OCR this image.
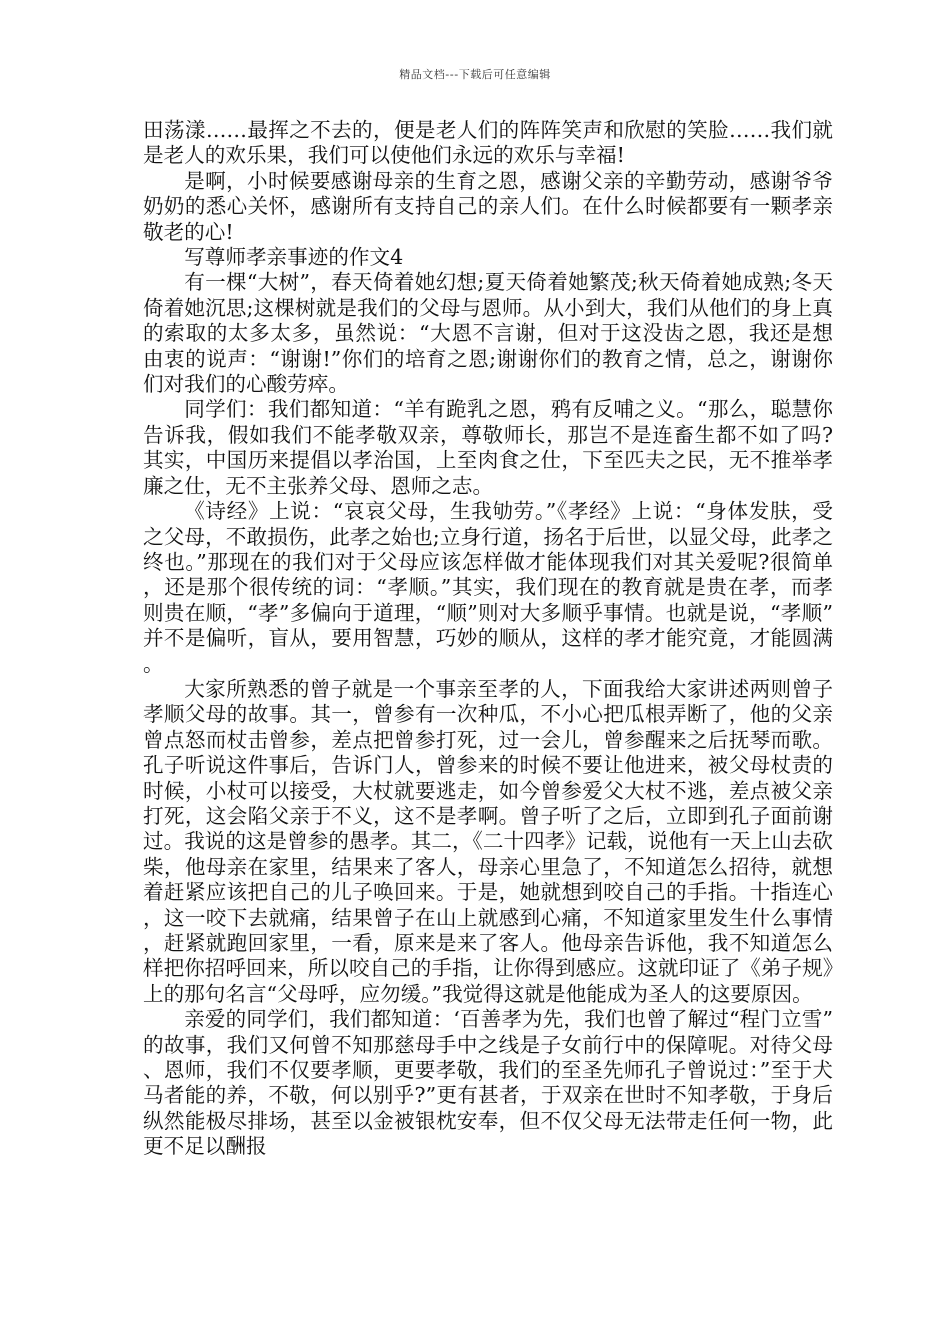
精品文档---下载后可任意编辑

田荡漾……最挥之不去的，便是老人们的阵阵笑声和欣慰的笑脸……我们就是老人的欢乐果，我们可以使他们永远的欢乐与幸福!

是啊，小时候要感谢母亲的生育之恩，感谢父亲的辛勤劳动，感谢爷爷奶奶的悉心关怀，感谢所有支持自己的亲人们。在什么时候都要有一颗孝亲敬老的心!

写尊师孝亲事迹的作文4

有一棵“大树”，春天倚着她幻想;夏天倚着她繁茂;秋天倚着她成熟;冬天倚着她沉思;这棵树就是我们的父母与恩师。从小到大，我们从他们的身上真的索取的太多太多，虽然说：“大恩不言谢，但对于这没齿之恩，我还是想由衷的说声：“谢谢!”你们的培育之恩;谢谢你们的教育之情，总之，谢谢你们对我们的心酸劳瘁。

同学们：我们都知道：“羊有跪乳之恩，鸦有反哺之义。“那么，聪慧你告诉我，假如我们不能孝敬双亲，尊敬师长，那岂不是连畜生都不如了吗?其实，中国历来提倡以孝治国，上至肉食之仕，下至匹夫之民，无不推举孝廉之仕，无不主张养父母、恩师之志。

《诗经》上说：“哀哀父母，生我劬劳。”《孝经》上说：“身体发肤，受之父母，不敢损伤，此孝之始也;立身行道，扬名于后世，以显父母，此孝之终也。”那现在的我们对于父母应该怎样做才能体现我们对其关爱呢?很简单，还是那个很传统的词：“孝顺。”其实，我们现在的教育就是贵在孝，而孝则贵在顺，“孝”多偏向于道理，“顺”则对大多顺乎事情。也就是说，“孝顺”并不是偏听，盲从，要用智慧，巧妙的顺从，这样的孝才能究竟，才能圆满。

大家所熟悉的曾子就是一个事亲至孝的人，下面我给大家讲述两则曾子孝顺父母的故事。其一，曾参有一次种瓜，不小心把瓜根弄断了，他的父亲曾点怒而杖击曾参，差点把曾参打死，过一会儿，曾参醒来之后抚琴而歌。孔子听说这件事后，告诉门人，曾参来的时候不要让他进来，被父母杖责的时候，小杖可以接受，大杖就要逃走，如今曾参爱父大杖不逃，差点被父亲打死，这会陷父亲于不义，这不是孝啊。曾子听了之后，立即到孔子面前谢过。我说的这是曾参的愚孝。其二，《二十四孝》记载，说他有一天上山去砍柴，他母亲在家里，结果来了客人，母亲心里急了，不知道怎么招待，就想着赶紧应该把自己的儿子唤回来。于是，她就想到咬自己的手指。十指连心，这一咬下去就痛，结果曾子在山上就感到心痛，不知道家里发生什么事情，赶紧就跑回家里，一看，原来是来了客人。他母亲告诉他，我不知道怎么样把你招呼回来，所以咬自己的手指，让你得到感应。这就印证了《弟子规》上的那句名言“父母呼，应勿缓。”我觉得这就是他能成为圣人的这要原因。

亲爱的同学们，我们都知道：‘百善孝为先，我们也曾了解过“程门立雪”的故事，我们又何曾不知那慈母手中之线是子女前行中的保障呢。对待父母、恩师，我们不仅要孝顺，更要孝敬，我们的至圣先师孔子曾说过：”至于犬马者能的养，不敬，何以别乎?”更有甚者，于双亲在世时不知孝敬，于身后纵然能极尽排场，甚至以金被银枕安奉，但不仅父母无法带走任何一物，此更不足以酬报
